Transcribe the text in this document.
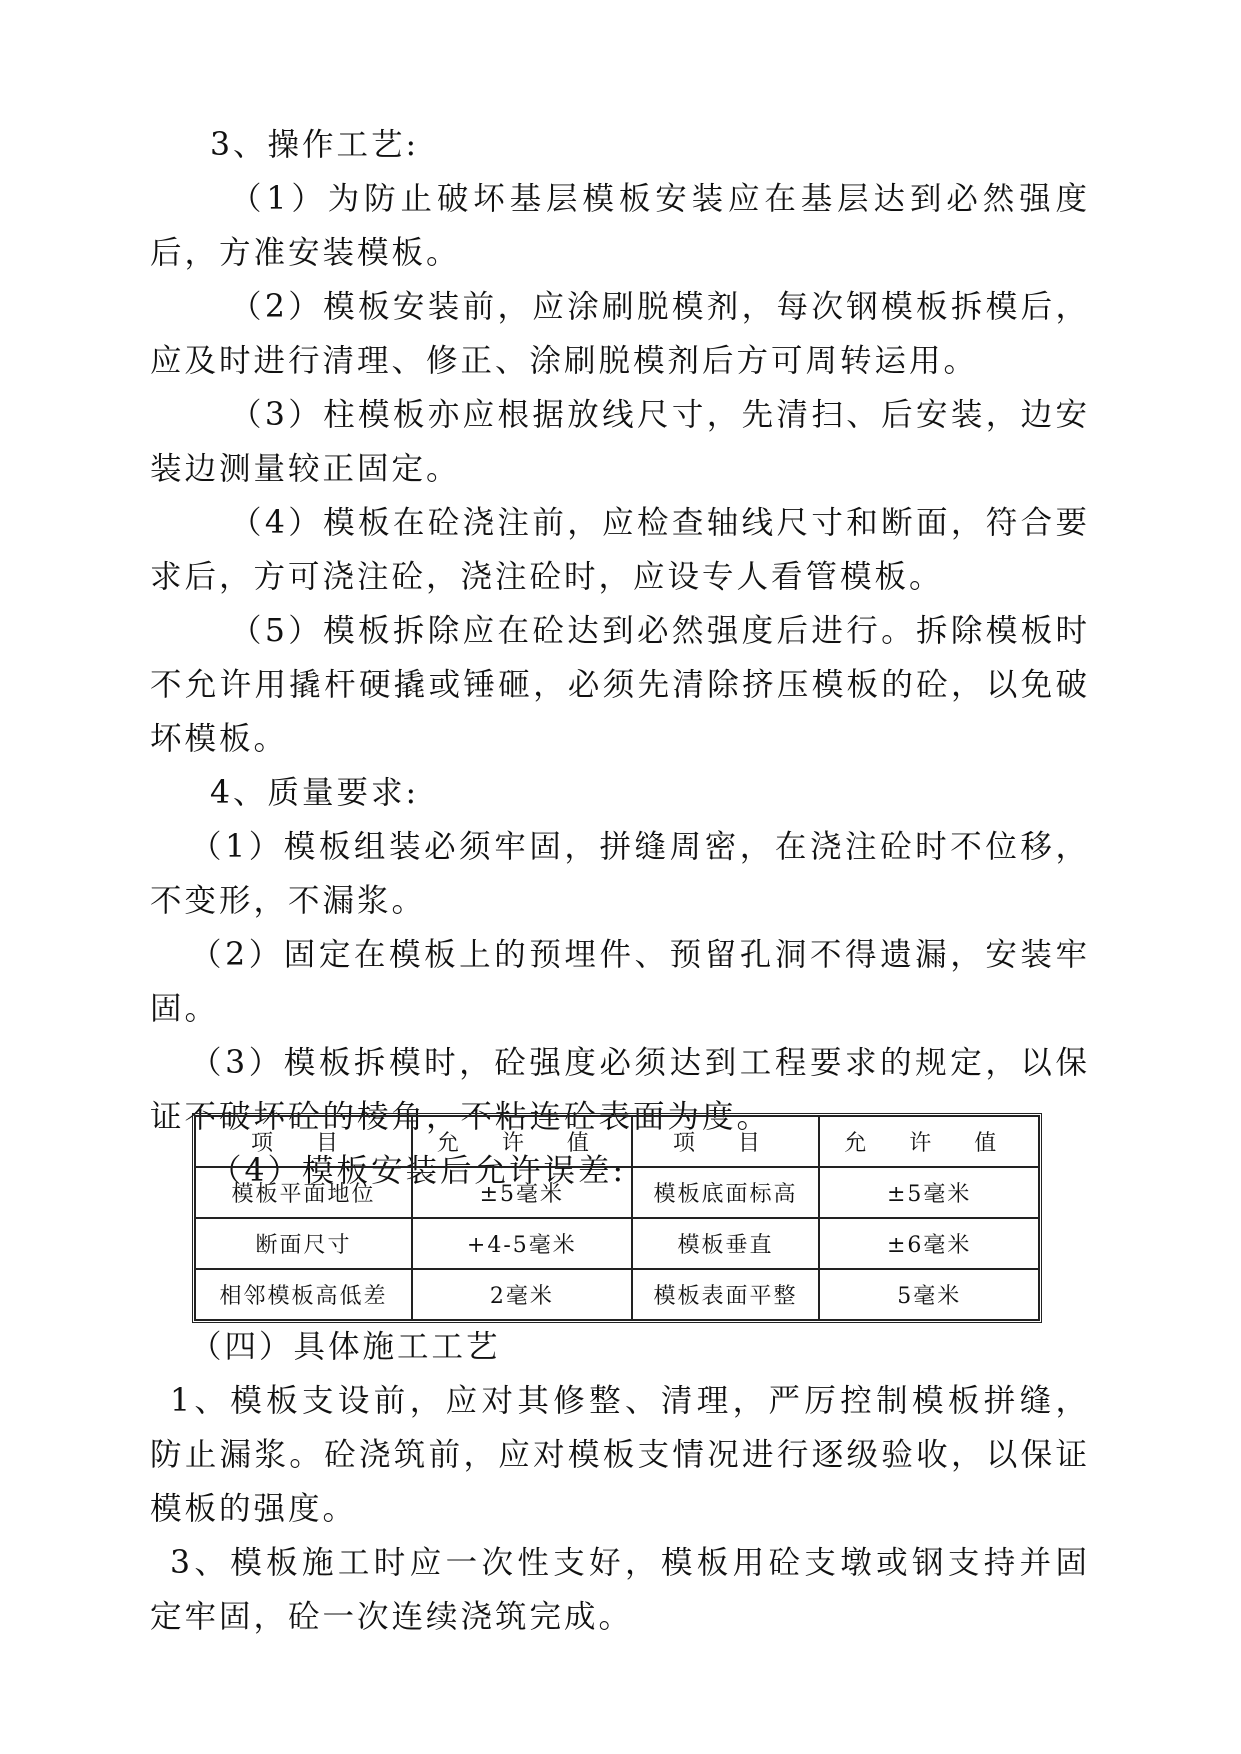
3、操作工艺:

（1）为防止破坏基层模板安装应在基层达到必然强度后，方准安装模板。

（2）模板安装前，应涂刷脱模剂，每次钢模板拆模后，应及时进行清理、修正、涂刷脱模剂后方可周转运用。

（3）柱模板亦应根据放线尺寸，先清扫、后安装，边安装边测量较正固定。

（4）模板在砼浇注前，应检查轴线尺寸和断面，符合要求后，方可浇注砼，浇注砼时，应设专人看管模板。

（5）模板拆除应在砼达到必然强度后进行。拆除模板时不允许用撬杆硬撬或锤砸，必须先清除挤压模板的砼，以免破坏模板。

4、质量要求:

（1）模板组装必须牢固，拼缝周密，在浇注砼时不位移，不变形，不漏浆。

（2）固定在模板上的预埋件、预留孔洞不得遗漏，安装牢固。

（3）模板拆模时，砼强度必须达到工程要求的规定，以保证不破坏砼的棱角，不粘连砼表面为度。

（4）模板安装后允许误差:

项 目	允 许 值	项 目	允 许 值
模板平面地位	±5毫米	模板底面标高	±5毫米
断面尺寸	+4-5毫米	模板垂直	±6毫米
相邻模板高低差	2毫米	模板表面平整	5毫米

（四）具体施工工艺

1、模板支设前，应对其修整、清理，严厉控制模板拼缝，防止漏浆。砼浇筑前，应对模板支情况进行逐级验收，以保证模板的强度。

3、模板施工时应一次性支好，模板用砼支墩或钢支持并固定牢固，砼一次连续浇筑完成。
